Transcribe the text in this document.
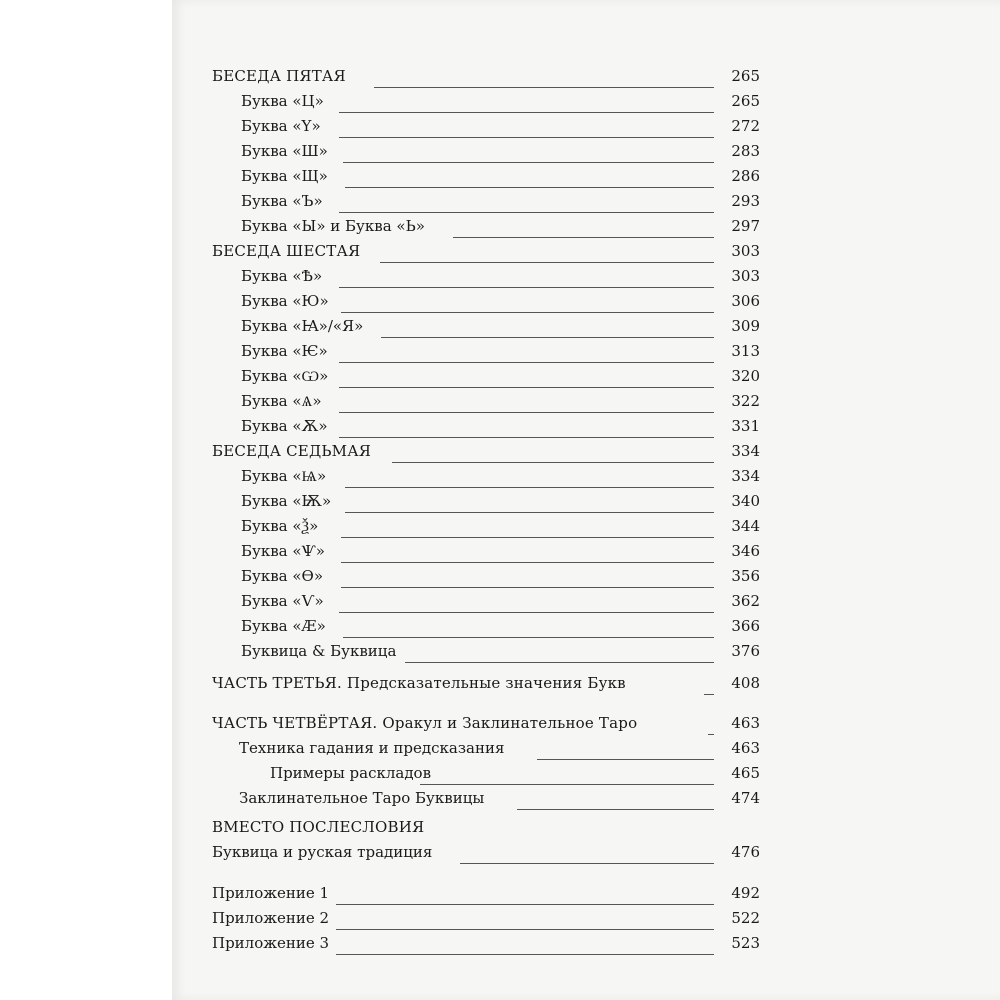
БЕСЕДА ПЯТАЯ	265
Буква «Ц»	265
Буква «Ү»	272
Буква «Ш»	283
Буква «Щ»	286
Буква «Ъ»	293
Буква «Ы» и Буква «Ь»	297
БЕСЕДА ШЕСТАЯ	303
Буква «Ѣ»	303
Буква «Ю»	306
Буква «Ꙗ»/«Я»	309
Буква «Ѥ»	313
Буква «Ѡ»	320
Буква «Ѧ»	322
Буква «Ѫ»	331
БЕСЕДА СЕДЬМАЯ	334
Буква «Ѩ»	334
Буква «Ѭ»	340
Буква «Ѯ»	344
Буква «Ѱ»	346
Буква «Ѳ»	356
Буква «Ѵ»	362
Буква «Ӕ»	366
Буквица & Буквица	376
ЧАСТЬ ТРЕТЬЯ. Предсказательные значения Букв	408
ЧАСТЬ ЧЕТВЁРТАЯ. Оракул и Заклинательное Таро	463
Техника гадания и предсказания	463
Примеры раскладов	465
Заклинательное Таро Буквицы	474
ВМЕСТО ПОСЛЕСЛОВИЯ
Буквица и руская традиция	476
Приложение 1	492
Приложение 2	522
Приложение 3	523
